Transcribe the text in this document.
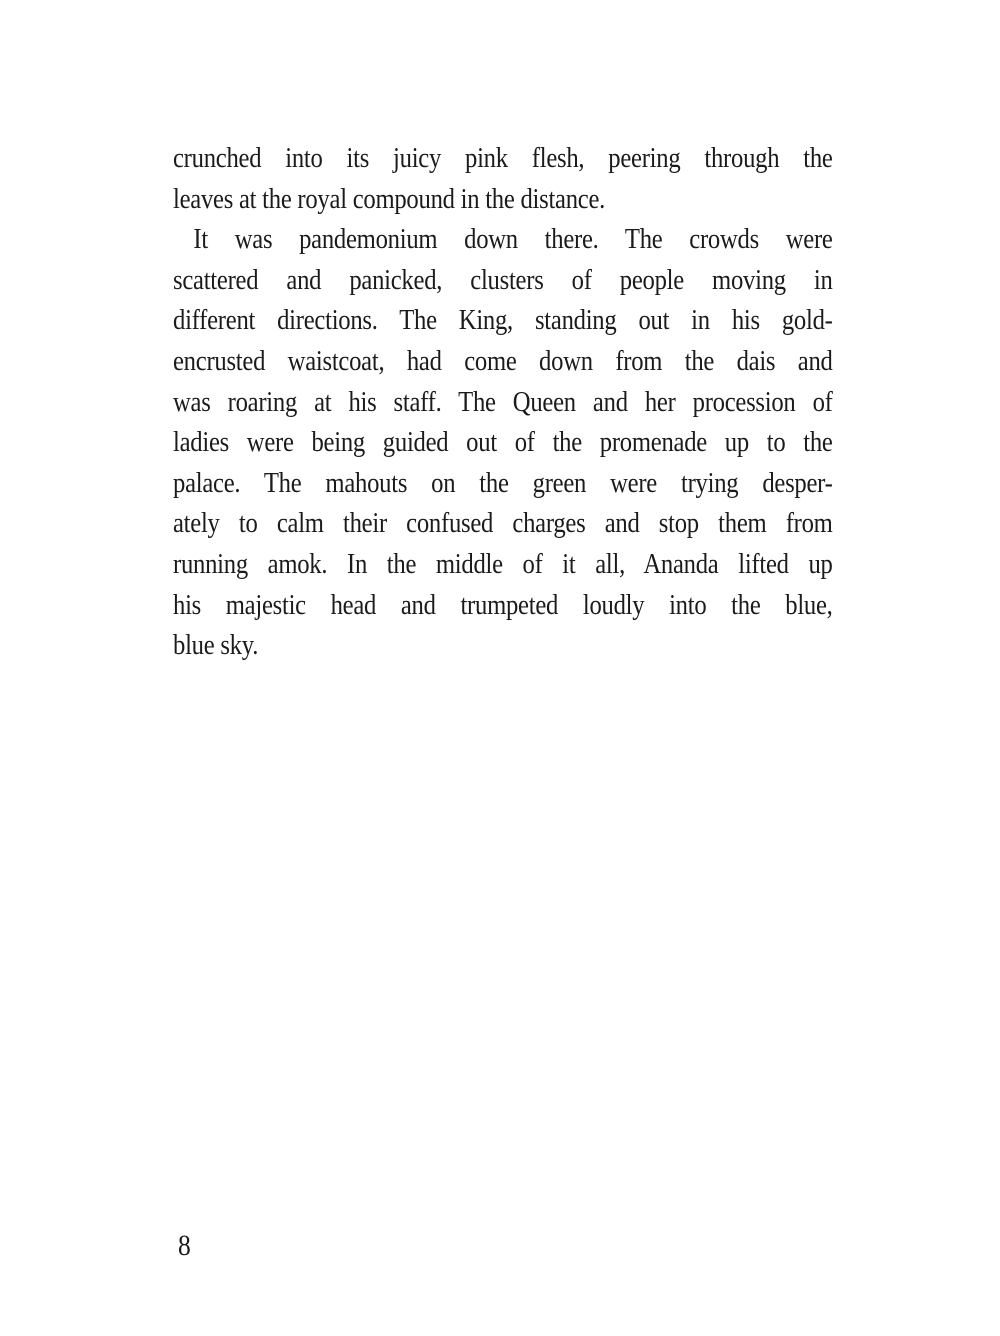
crunched into its juicy pink flesh, peering through the
leaves at the royal compound in the distance.
It was pandemonium down there. The crowds were
scattered and panicked, clusters of people moving in
different directions. The King, standing out in his gold-
encrusted waistcoat, had come down from the dais and
was roaring at his staff. The Queen and her procession of
ladies were being guided out of the promenade up to the
palace. The mahouts on the green were trying desper-
ately to calm their confused charges and stop them from
running amok. In the middle of it all, Ananda lifted up
his majestic head and trumpeted loudly into the blue,
blue sky.
8
